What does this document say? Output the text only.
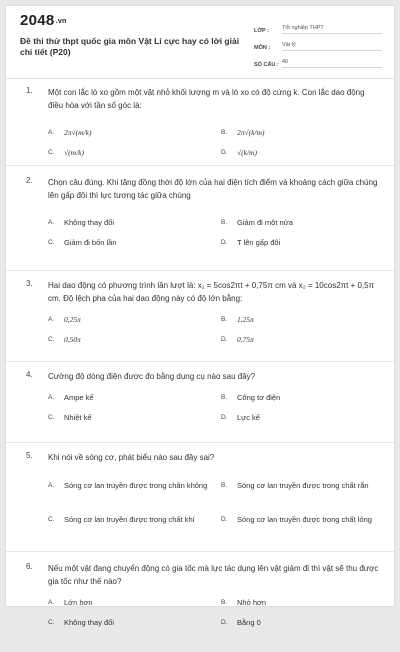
2048.vn
Đề thi thử thpt quốc gia môn Vật Lí cực hay có lời giải chi tiết (P20)
LỚP :	Tốt nghiệp THPT
MÔN :	Vật lý
SỐ CÂU : 40
1. Một con lắc lò xo gồm một vật nhỏ khối lượng m và lò xo có độ cứng k. Con lắc dao động điều hòa với tần số góc là:
A.	2π√(m/k)	B.	2π√(k/m)
C.	√(m/k)	D.	√(k/m)
2. Chọn câu đúng. Khi tăng đồng thời độ lớn của hai điện tích điểm và khoảng cách giữa chúng lên gấp đôi thì lực tương tác giữa chúng
A.	Không thay đổi	B.	Giảm đi một nửa
C.	Giảm đi bốn lần	D.	T lên gấp đôi
3. Hai dao động có phương trình lần lượt là: x₁ = 5cos2πt + 0,75π cm và x₂ = 10cos2πt + 0,5π cm. Độ lệch pha của hai dao động này có độ lớn bằng:
A.	0,25π	B.	1,25π
C.	0,50π	D.	0,75π
4. Cường độ dòng điện được đo bằng dụng cụ nào sau đây?
A.	Ampe kế	B.	Công tơ điện
C.	Nhiệt kế	D.	Lực kế
5. Khi nói về sóng cơ, phát biểu nào sau đây sai?
A.	Sóng cơ lan truyền được trong chân không	B.	Sóng cơ lan truyền được trong chất rắn
C.	Sóng cơ lan truyền được trong chất khí	D.	Sóng cơ lan truyền được trong chất lỏng
6. Nếu một vật đang chuyển động có gia tốc mà lực tác dụng lên vật giảm đi thì vật sẽ thu được gia tốc như thế nào?
A.	Lớn hơn	B.	Nhỏ hơn
C.	Không thay đổi	D.	Bằng 0
